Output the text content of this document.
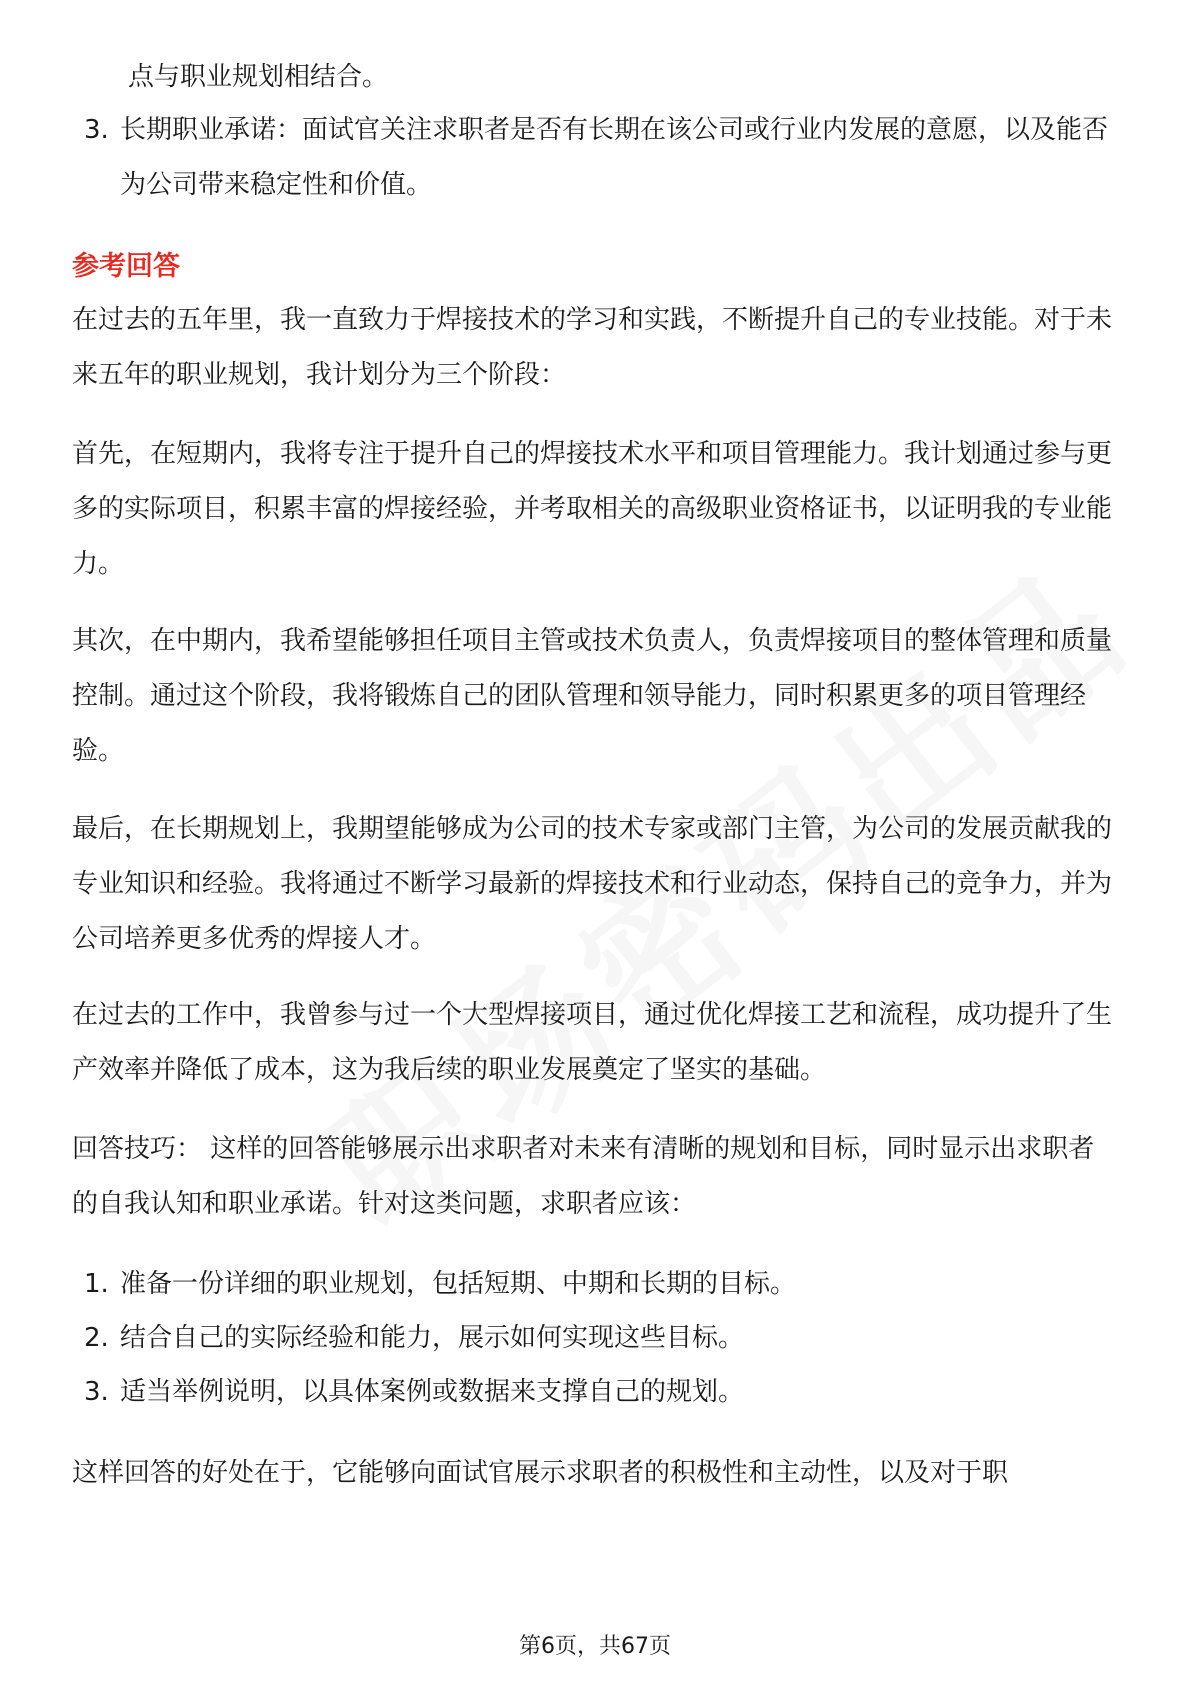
点与职业规划相结合。
3. 长期职业承诺：面试官关注求职者是否有长期在该公司或行业内发展的意愿，以及能否为公司带来稳定性和价值。
参考回答
在过去的五年里，我一直致力于焊接技术的学习和实践，不断提升自己的专业技能。对于未来五年的职业规划，我计划分为三个阶段：
首先，在短期内，我将专注于提升自己的焊接技术水平和项目管理能力。我计划通过参与更多的实际项目，积累丰富的焊接经验，并考取相关的高级职业资格证书，以证明我的专业能力。
其次，在中期内，我希望能够担任项目主管或技术负责人，负责焊接项目的整体管理和质量控制。通过这个阶段，我将锻炼自己的团队管理和领导能力，同时积累更多的项目管理经验。
最后，在长期规划上，我期望能够成为公司的技术专家或部门主管，为公司的发展贡献我的专业知识和经验。我将通过不断学习最新的焊接技术和行业动态，保持自己的竞争力，并为公司培养更多优秀的焊接人才。
在过去的工作中，我曾参与过一个大型焊接项目，通过优化焊接工艺和流程，成功提升了生产效率并降低了成本，这为我后续的职业发展奠定了坚实的基础。
回答技巧： 这样的回答能够展示出求职者对未来有清晰的规划和目标，同时显示出求职者的自我认知和职业承诺。针对这类问题，求职者应该：
1. 准备一份详细的职业规划，包括短期、中期和长期的目标。
2. 结合自己的实际经验和能力，展示如何实现这些目标。
3. 适当举例说明，以具体案例或数据来支撑自己的规划。
这样回答的好处在于，它能够向面试官展示求职者的积极性和主动性，以及对于职
第6页，共67页
